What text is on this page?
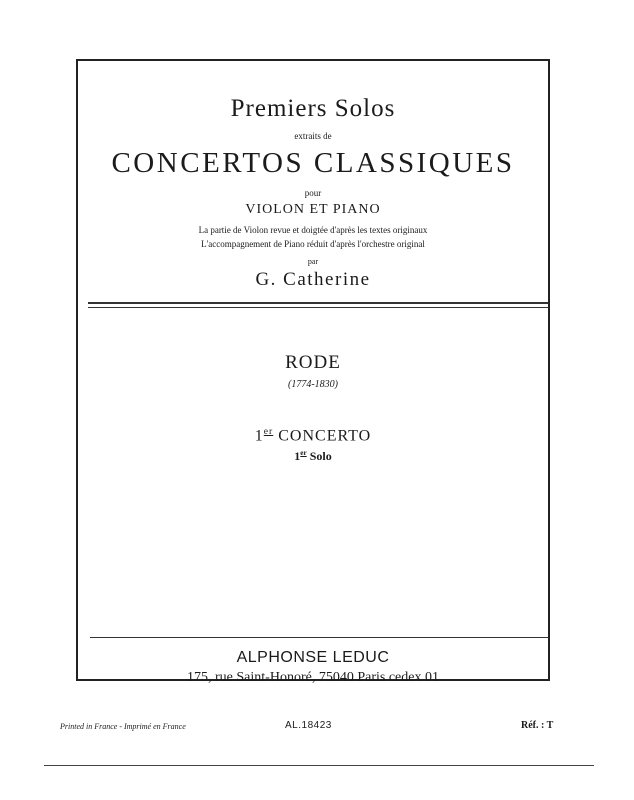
Premiers Solos
extraits de
CONCERTOS CLASSIQUES
pour
VIOLON ET PIANO
La partie de Violon revue et doigtée d'après les textes originaux
L'accompagnement de Piano réduit d'après l'orchestre original
par
G. Catherine
RODE
(1774-1830)
1er CONCERTO
1er Solo
ALPHONSE LEDUC
175, rue Saint-Honoré, 75040 Paris cedex 01
Printed in France - Imprimé en France	AL.18423	Réf. : T
